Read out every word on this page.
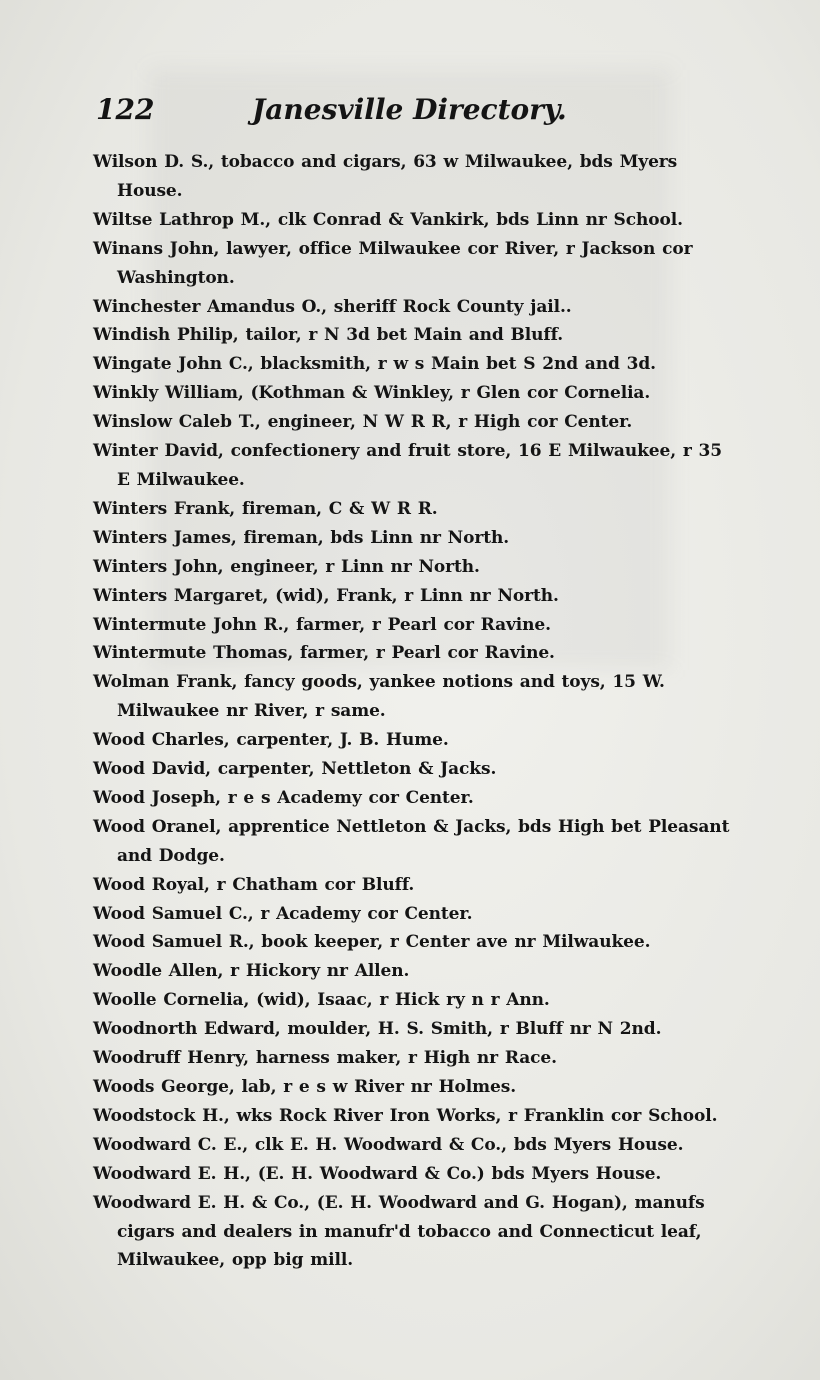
122	Janesville Directory.
Wilson D. S., tobacco and cigars, 63 w Milwaukee, bds Myers House.
Wiltse Lathrop M., clk Conrad & Vankirk, bds Linn nr School.
Winans John, lawyer, office Milwaukee cor River, r Jackson cor Washington.
Winchester Amandus O., sheriff Rock County jail..
Windish Philip, tailor, r N 3d bet Main and Bluff.
Wingate John C., blacksmith, r w s Main bet S 2nd and 3d.
Winkly William, (Kothman & Winkley, r Glen cor Cornelia.
Winslow Caleb T., engineer, N W R R, r High cor Center.
Winter David, confectionery and fruit store, 16 E Milwaukee, r 35 E Milwaukee.
Winters Frank, fireman, C & W R R.
Winters James, fireman, bds Linn nr North.
Winters John, engineer, r Linn nr North.
Winters Margaret, (wid), Frank, r Linn nr North.
Wintermute John R., farmer, r Pearl cor Ravine.
Wintermute Thomas, farmer, r Pearl cor Ravine.
Wolman Frank, fancy goods, yankee notions and toys, 15 W. Milwaukee nr River, r same.
Wood Charles, carpenter, J. B. Hume.
Wood David, carpenter, Nettleton & Jacks.
Wood Joseph, r e s Academy cor Center.
Wood Oranel, apprentice Nettleton & Jacks, bds High bet Pleasant and Dodge.
Wood Royal, r Chatham cor Bluff.
Wood Samuel C., r Academy cor Center.
Wood Samuel R., book keeper, r Center ave nr Milwaukee.
Woodle Allen, r Hickory nr Allen.
Woolle Cornelia, (wid), Isaac, r Hick ry n r Ann.
Woodnorth Edward, moulder, H. S. Smith, r Bluff nr N 2nd.
Woodruff Henry, harness maker, r High nr Race.
Woods George, lab, r e s w River nr Holmes.
Woodstock H., wks Rock River Iron Works, r Franklin cor School.
Woodward C. E., clk E. H. Woodward & Co., bds Myers House.
Woodward E. H., (E. H. Woodward & Co.) bds Myers House.
Woodward E. H. & Co., (E. H. Woodward and G. Hogan), manufs cigars and dealers in manufr'd tobacco and Connecticut leaf, Milwaukee, opp big mill.
